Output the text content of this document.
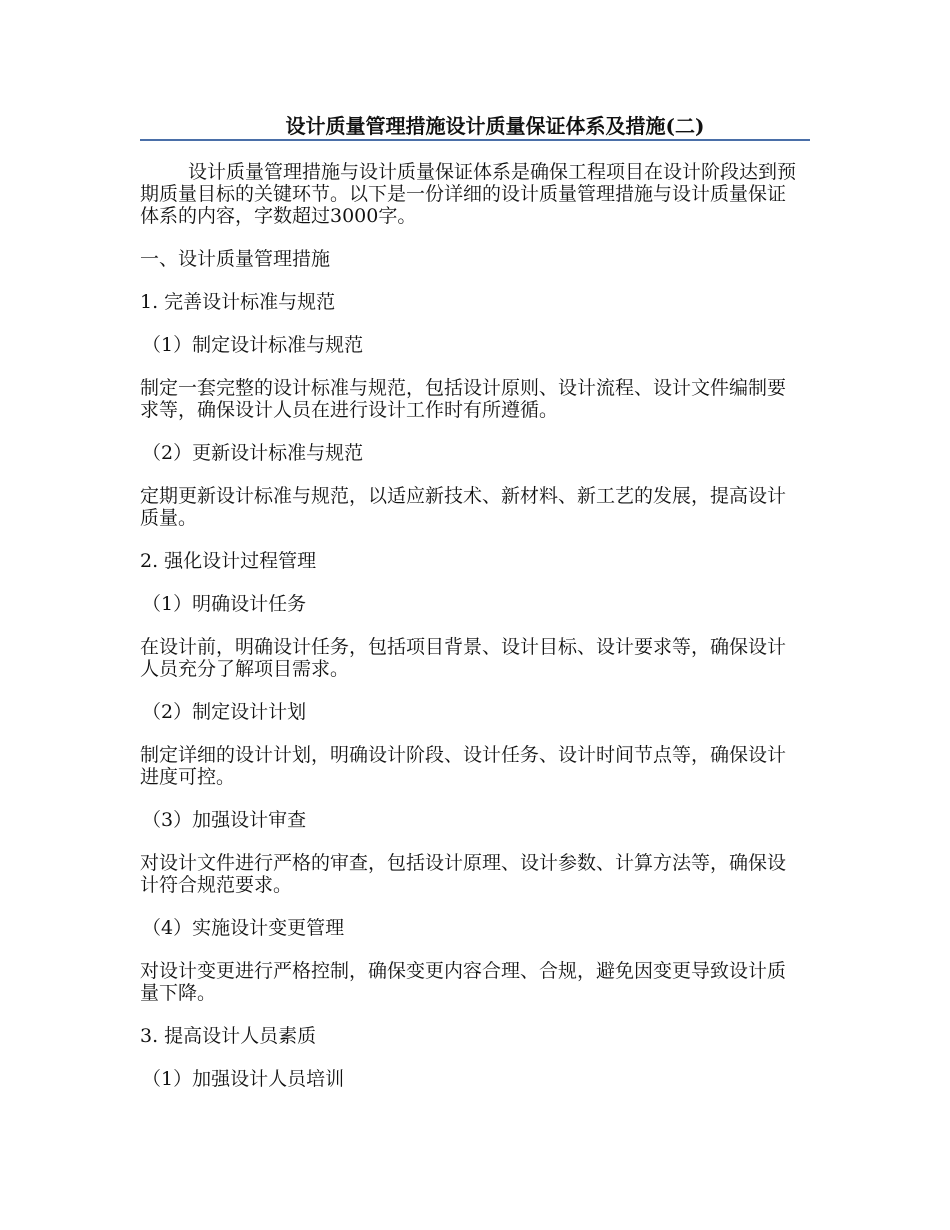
设计质量管理措施设计质量保证体系及措施(二)

设计质量管理措施与设计质量保证体系是确保工程项目在设计阶段达到预期质量目标的关键环节。以下是一份详细的设计质量管理措施与设计质量保证体系的内容，字数超过3000字。

一、设计质量管理措施

1. 完善设计标准与规范

（1）制定设计标准与规范

制定一套完整的设计标准与规范，包括设计原则、设计流程、设计文件编制要求等，确保设计人员在进行设计工作时有所遵循。

（2）更新设计标准与规范

定期更新设计标准与规范，以适应新技术、新材料、新工艺的发展，提高设计质量。

2. 强化设计过程管理

（1）明确设计任务

在设计前，明确设计任务，包括项目背景、设计目标、设计要求等，确保设计人员充分了解项目需求。

（2）制定设计计划

制定详细的设计计划，明确设计阶段、设计任务、设计时间节点等，确保设计进度可控。

（3）加强设计审查

对设计文件进行严格的审查，包括设计原理、设计参数、计算方法等，确保设计符合规范要求。

（4）实施设计变更管理

对设计变更进行严格控制，确保变更内容合理、合规，避免因变更导致设计质量下降。

3. 提高设计人员素质

（1）加强设计人员培训
